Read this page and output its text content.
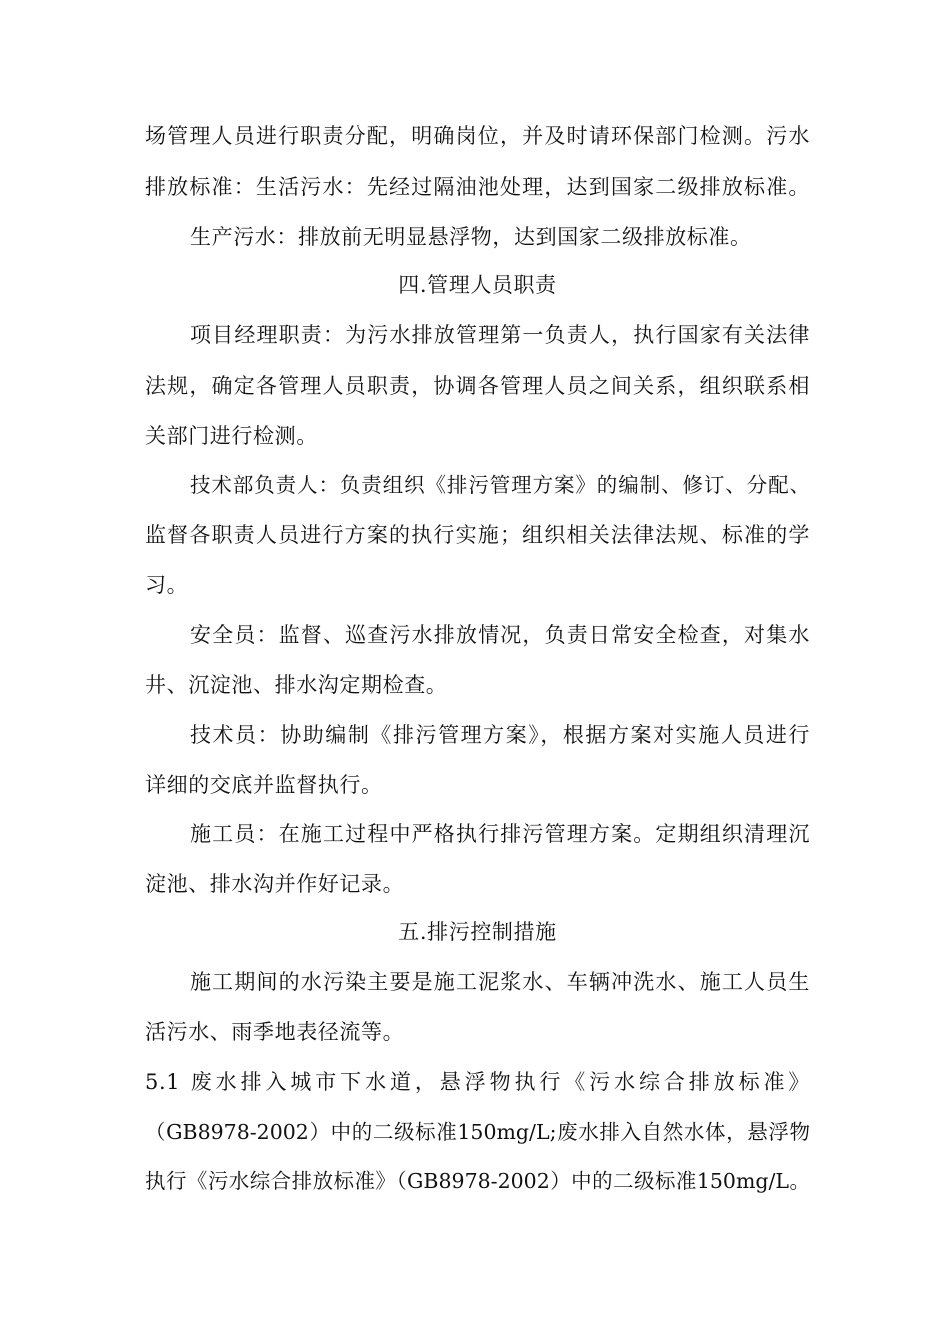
场管理人员进行职责分配，明确岗位，并及时请环保部门检测。污水
排放标准：生活污水：先经过隔油池处理，达到国家二级排放标准。
生产污水：排放前无明显悬浮物，达到国家二级排放标准。
四.管理人员职责
项目经理职责：为污水排放管理第一负责人，执行国家有关法律
法规，确定各管理人员职责，协调各管理人员之间关系，组织联系相
关部门进行检测。
技术部负责人：负责组织《排污管理方案》的编制、修订、分配、
监督各职责人员进行方案的执行实施；组织相关法律法规、标准的学
习。
安全员：监督、巡查污水排放情况，负责日常安全检查，对集水
井、沉淀池、排水沟定期检查。
技术员：协助编制《排污管理方案》，根据方案对实施人员进行
详细的交底并监督执行。
施工员：在施工过程中严格执行排污管理方案。定期组织清理沉
淀池、排水沟并作好记录。
五.排污控制措施
施工期间的水污染主要是施工泥浆水、车辆冲洗水、施工人员生
活污水、雨季地表径流等。
5.1 废水排入城市下水道，悬浮物执行《污水综合排放标准》
（GB8978-2002）中的二级标准150mg/L;废水排入自然水体，悬浮物
执行《污水综合排放标准》（GB8978-2002）中的二级标准150mg/L。
